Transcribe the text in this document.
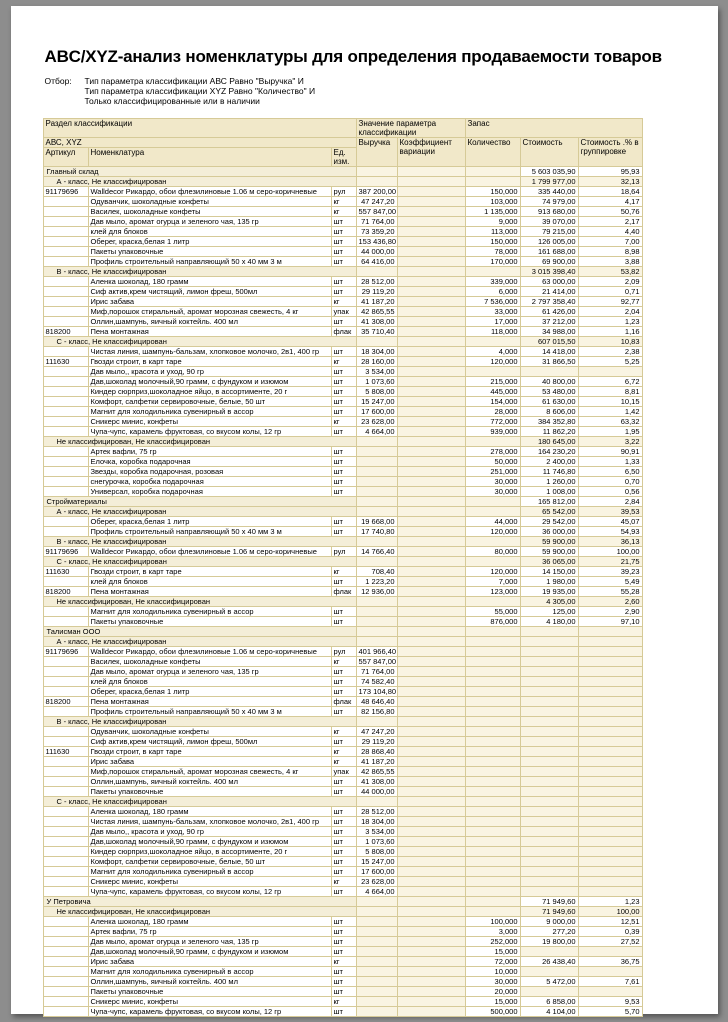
ABC/XYZ-анализ номенклатуры для определения продаваемости товаров
Отбор:	Тип параметра классификации АВС Равно "Выручка" И
Тип параметра классификации XYZ Равно "Количество" И
Только классифицированные или в наличии
Раздел классификации			Значение параметра классификации		Запас		
АВС, XYZ			Выручка	Коэффициент вариации	Количество	Стоимость	Стоимость .% в группировке
Артикул	Номенклатура	Ед. изм.					
Главный склад						5 603 035,90	95,93
А - класс, Не классифицирован						1 799 977,00	32,13
91179696	Walldecor Рикардо, обои флезилиновые 1.06 м серо-коричневые	рул	387 200,00		150,000	335 440,00	18,64
	Одуванчик, шоколадные конфеты	кг	47 247,20		103,000	74 979,00	4,17
	Василек, шоколадные конфеты	кг	557 847,00		1 135,000	913 680,00	50,76
	Дав мыло, аромат огурца и зеленого чая, 135 гр	шт	71 764,00		9,000	39 070,00	2,17
	клей для блоков	шт	73 359,20		113,000	79 215,00	4,40
	Оберег, краска,белая 1 литр	шт	153 436,80		150,000	126 005,00	7,00
	Пакеты упаковочные	шт	44 000,00		78,000	161 688,00	8,98
	Профиль строительный направляющий 50 х 40 мм 3 м	шт	64 416,00		170,000	69 900,00	3,88
В - класс, Не классифицирован						3 015 398,40	53,82
	Аленка шоколад, 180 грамм	шт	28 512,00		339,000	63 000,00	2,09
	Сиф актив,крем чистящий, лимон фреш, 500мл	шт	29 119,20		6,000	21 414,00	0,71
	Ирис забава	кг	41 187,20		7 536,000	2 797 358,40	92,77
	Миф,порошок стиральный, аромат морозная свежесть, 4 кг	упак	42 865,55		33,000	61 426,00	2,04
	Оллин,шампунь, яичный коктейль. 400 мл	шт	41 308,00		17,000	37 212,00	1,23
818200	Пена монтажная	флак	35 710,40		118,000	34 988,00	1,16
С - класс, Не классифицирован						607 015,50	10,83
	Чистая линия, шампунь-бальзам, хлопковое молочко, 2в1, 400 гр	шт	18 304,00		4,000	14 418,00	2,38
111630	Гвозди строит, в карт таре	кг	28 160,00		120,000	31 866,50	5,25
	Дав мыло,, красота и уход, 90 гр	шт	3 534,00				
	Дав,шоколад молочный,90 грамм, с фундуком и изюмом	шт	1 073,60		215,000	40 800,00	6,72
	Киндер сюрприз,шоколадное яйцо, в ассортименте, 20 г	шт	5 808,00		445,000	53 480,00	8,81
	Комфорт, салфетки сервировочные, белые, 50 шт	шт	15 247,00		154,000	61 630,00	10,15
	Магнит для холодильника сувенирный в ассор	шт	17 600,00		28,000	8 606,00	1,42
	Сникерс минис, конфеты	кг	23 628,00		772,000	384 352,80	63,32
	Чупа-чупс, карамель фруктовая, со вкусом колы, 12 гр	шт	4 664,00		939,000	11 862,20	1,95
Не классифицирован, Не классифицирован						180 645,00	3,22
	Артек вафли, 75 гр	шт			278,000	164 230,20	90,91
	Елочка, коробка подарочная	шт			50,000	2 400,00	1,33
	Звезды, коробка подарочная, розовая	шт			251,000	11 746,80	6,50
	снегурочка, коробка подарочная	шт			30,000	1 260,00	0,70
	Универсал, коробка подарочная	шт			30,000	1 008,00	0,56
Стройматериалы						165 812,00	2,84
А - класс, Не классифицирован						65 542,00	39,53
	Оберег, краска,белая 1 литр	шт	19 668,00		44,000	29 542,00	45,07
	Профиль строительный направляющий 50 х 40 мм 3 м	шт	17 740,80		120,000	36 000,00	54,93
В - класс, Не классифицирован						59 900,00	36,13
91179696	Walldecor Рикардо, обои флезилиновые 1.06 м серо-коричневые	рул	14 766,40		80,000	59 900,00	100,00
С - класс, Не классифицирован						36 065,00	21,75
111630	Гвозди строит, в карт таре	кг	708,40		120,000	14 150,00	39,23
	клей для блоков	шт	1 223,20		7,000	1 980,00	5,49
818200	Пена монтажная	флак	12 936,00		123,000	19 935,00	55,28
Не классифицирован, Не классифицирован						4 305,00	2,60
	Магнит для холодильника сувенирный в ассор	шт			55,000	125,00	2,90
	Пакеты упаковочные	шт			876,000	4 180,00	97,10
Талисман ООО							
А - класс, Не классифицирован							
91179696	Walldecor Рикардо, обои флезилиновые 1.06 м серо-коричневые	рул	401 966,40				
	Василек, шоколадные конфеты	кг	557 847,00				
	Дав мыло, аромат огурца и зеленого чая, 135 гр	шт	71 764,00				
	клей для блоков	шт	74 582,40				
	Оберег, краска,белая 1 литр	шт	173 104,80				
818200	Пена монтажная	флак	48 646,40				
	Профиль строительный направляющий 50 х 40 мм 3 м	шт	82 156,80				
В - класс, Не классифицирован							
	Одуванчик, шоколадные конфеты	кг	47 247,20				
	Сиф актив,крем чистящий, лимон фреш, 500мл	шт	29 119,20				
111630	Гвозди строит, в карт таре	кг	28 868,40				
	Ирис забава	кг	41 187,20				
	Миф,порошок стиральный, аромат морозная свежесть, 4 кг	упак	42 865,55				
	Оллин,шампунь, яичный коктейль. 400 мл	шт	41 308,00				
	Пакеты упаковочные	шт	44 000,00				
С - класс, Не классифицирован							
	Аленка шоколад, 180 грамм	шт	28 512,00				
	Чистая линия, шампунь-бальзам, хлопковое молочко, 2в1, 400 гр	шт	18 304,00				
	Дав мыло,, красота и уход, 90 гр	шт	3 534,00				
	Дав,шоколад молочный,90 грамм, с фундуком и изюмом	шт	1 073,60				
	Киндер сюрприз,шоколадное яйцо, в ассортименте, 20 г	шт	5 808,00				
	Комфорт, салфетки сервировочные, белые, 50 шт	шт	15 247,00				
	Магнит для холодильника сувенирный в ассор	шт	17 600,00				
	Сникерс минис, конфеты	кг	23 628,00				
	Чупа-чупс, карамель фруктовая, со вкусом колы, 12 гр	шт	4 664,00				
У Петровича						71 949,60	1,23
Не классифицирован, Не классифицирован						71 949,60	100,00
	Аленка шоколад, 180 грамм	шт			100,000	9 000,00	12,51
	Артек вафли, 75 гр	шт			3,000	277,20	0,39
	Дав мыло, аромат огурца и зеленого чая, 135 гр	шт			252,000	19 800,00	27,52
	Дав,шоколад молочный,90 грамм, с фундуком и изюмом	шт			15,000		
	Ирис забава	кг			72,000	26 438,40	36,75
	Магнит для холодильника сувенирный в ассор	шт			10,000		
	Оллин,шампунь, яичный коктейль. 400 мл	шт			30,000	5 472,00	7,61
	Пакеты упаковочные	шт			20,000		
	Сникерс минис, конфеты	кг			15,000	6 858,00	9,53
	Чупа-чупс, карамель фруктовая, со вкусом колы, 12 гр	шт			500,000	4 104,00	5,70
